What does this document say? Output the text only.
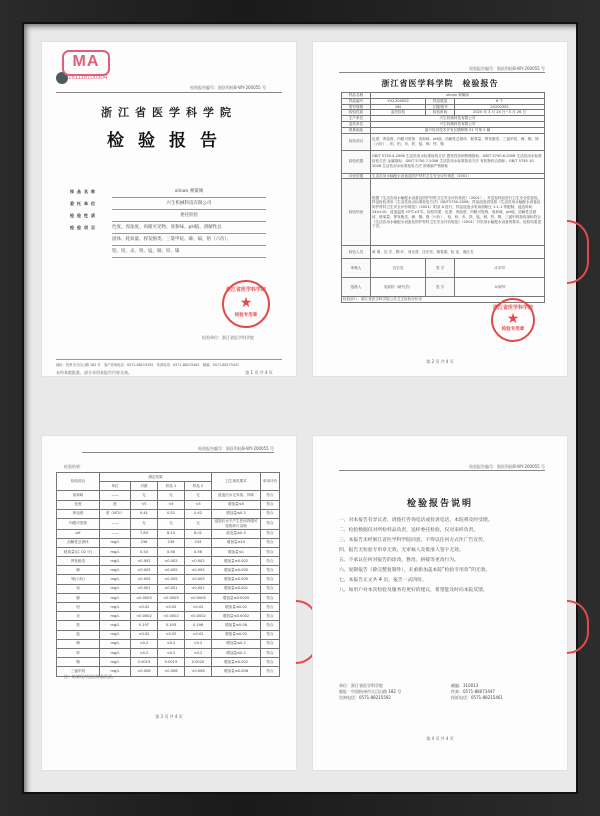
MA
161118100304
检验报告编号：浙医科检B-WY-200055 号
浙江省医学科学院
检验报告
样品名称	xlinan 弹簧阀
委托单位	兴生机械科技有限公司
检验性质	委托检验
检验项目	色度、浑浊度、肉眼可见物、臭和味、pH值、溶解性总
固体、耗氧量、挥发酚类、三氯甲烷、砷、镉、铬（六价）、
铝、铅、汞、铁、锰、铜、锌、镍
浙江省医学科学院
★
检验专用章
检验单位：浙江省医学科学院
地址：杭州市天目山路 182 号　客户咨询电话：0571-88215592　传真电话：0571-88215461　邮编：0571-88275447
未经本院批准，部分采用本报告内容无效。	第 1 页 共 4 页
检验报告编号：浙医科检B-WY-200055 号
浙江省医学科学院　检验报告
样品名称	xlinan 弹簧阀		
样品编号	Y-KJ-200002	样品数量	6 个
型号规格	DN	日期/批号	20200302
检验性质	委托检验	检验时间	2020 年 3 月 24 日~3 月 26 日
生产单位	兴生机械科技有限公司		
委托单位	兴生机械科技有限公司		
联系地址	嘉兴经济技术开发区塘桥路 51 号第 2 幢		
检验项目	色度、浑浊度、肉眼可见物、臭和味、pH值、溶解性总固体、耗氧量、挥发酚类、三氯甲烷、砷、镉、铬（六价）、铝、铅、汞、铁、锰、铜、锌、镍		
检验依据	GB/T 5750.4-2006 生活饮用水标准检验方法 感官性状和物理指标；GB/T 5750.6-2006 生活饮用水标准检验方法 金属指标；GB/T 5750.7-2006 生活饮用水标准检验方法 有机物综合指标；GB/T 5750.10-2006 生活饮用水标准检验方法 消毒副产物指标		
评价依据	生活饮用水输配水设备及防护材料卫生安全评价规范（2001）		
检验结论	根据《生活饮用水输配水设备及防护材料卫生安全评价规范》（2001），对送检样品进行卫生安全性检验。样品检验采用《生活饮用水标准检验方法》GB/T5750-2006，样品浸泡试验按《生活饮用水输配水设备及防护材料卫生安全评价规范》（2001）附录 A 进行，样品浸泡水采用面积比 1:1.1 等配制，浸泡时间 24h±1h，浸泡温度 25℃±5℃。检验结果：色度、浑浊度、肉眼可见物、臭和味、pH值、溶解性总固体、耗氧量、挥发酚类、砷、镉、铬（六价）、铝、铅、汞、铁、锰、铜、锌、镍、三氯甲烷检验指标符合《生活饮用水输配水设备及防护材料卫生安全评价规范》（2001）对饮用水输配水设备的要求。检验结果见下页。		
检验人员	黄 明、沈 宏、陶 叶、刘光普、沈宏亮、姚春燕、阮 征、唐红芳		
审核人	沈宏亮	签 字	沈宏亮
批准人	吴丽钧（研究员）	签 字	吴丽钧
检验部门：浙江省医学科学院公共卫生检验评价室			
浙江省医学科学院
★
检验专用章
第 2 页 共 4 页
检验报告编号：浙医科检B-WY-200055 号
检验结果：
检验项目	测定结果				卫生规范要求	单项评价
	单位	对照	样品 1	样品 2		
臭和味	——	无	无	无	浸泡后水无异臭、异味	符合
色度	度	<5	<5	<5	增加量≤5	符合
浑浊度	度（NTU）	0.41	0.52	0.42	增加量≤0.2	符合
肉眼可见物	——	无	无	无	浸泡后水不产生任何肉眼可见的碎片杂物	符合
pH	——	7.83	8.14	8.02	改变量≤0.5	符合
溶解性总固体	mg/L	236	239	234	增加量≤10	符合
耗氧量(以 O2 计)	mg/L	0.54	0.58	0.56	增加量≤1	符合
挥发酚类	mg/L	<0.002	<0.002	<0.002	增加量≤0.002	符合
砷	mg/L	<0.005	<0.005	<0.005	增加量≤0.005	符合
铬(六价)	mg/L	<0.005	<0.005	<0.005	增加量≤0.005	符合
铝	mg/L	<0.001	<0.001	<0.001	增加量≤0.001	符合
镉	mg/L	<0.0005	<0.0005	<0.0005	增加量≤0.0005	符合
铅	mg/L	<0.02	<0.02	<0.02	增加量≤0.02	符合
汞	mg/L	<0.0002	<0.0002	<0.0002	增加量≤0.0002	符合
铁	mg/L	0.197	0.193	0.198	增加量≤0.06	符合
锰	mg/L	<0.02	<0.02	<0.02	增加量≤0.02	符合
铜	mg/L	<0.2	<0.2	<0.2	增加量≤0.2	符合
锌	mg/L	<0.2	<0.2	<0.2	增加量≤0.2	符合
镍	mg/L	0.0019	0.0019	0.0020	增加量≤0.002	符合
三氯甲烷	mg/L	<0.006	<0.006	<0.006	增加量≤0.006	符合
注：结果仅对送检样品负责。
第 3 页 共 4 页
检验报告编号：浙医科检B-WY-200055 号
检验报告说明
一、对本报告有异议者，请拨打咨询电话或投诉电话，本院将及时受理。
二、检验数据仅对所检样品负责，送样委托检验，仅对来样负责。
三、本报告未经浙江省医学科学院同意，不得以任何方式作广告宣传。
四、报告无检验专用章无效，无审核人及批准人签字无效。
五、不承认任何对报告的涂改、篡改、拼接等更改行为。
六、复制报告（除完整复制外），未重新加盖本院“检验专用章”的无效。
七、本报告正文共 4 页，报告一式四份。
八、如用户对本次检验及服务有更好的建议，希望能及时向本院反馈。
单位：浙江省医学科学院
地址：中国杭州市天目山路 182 号
咨询电话：0571-88215592
邮编：310013
传真：0571-88073447
投诉电话：0571-88215461
第 4 页 共 4 页
